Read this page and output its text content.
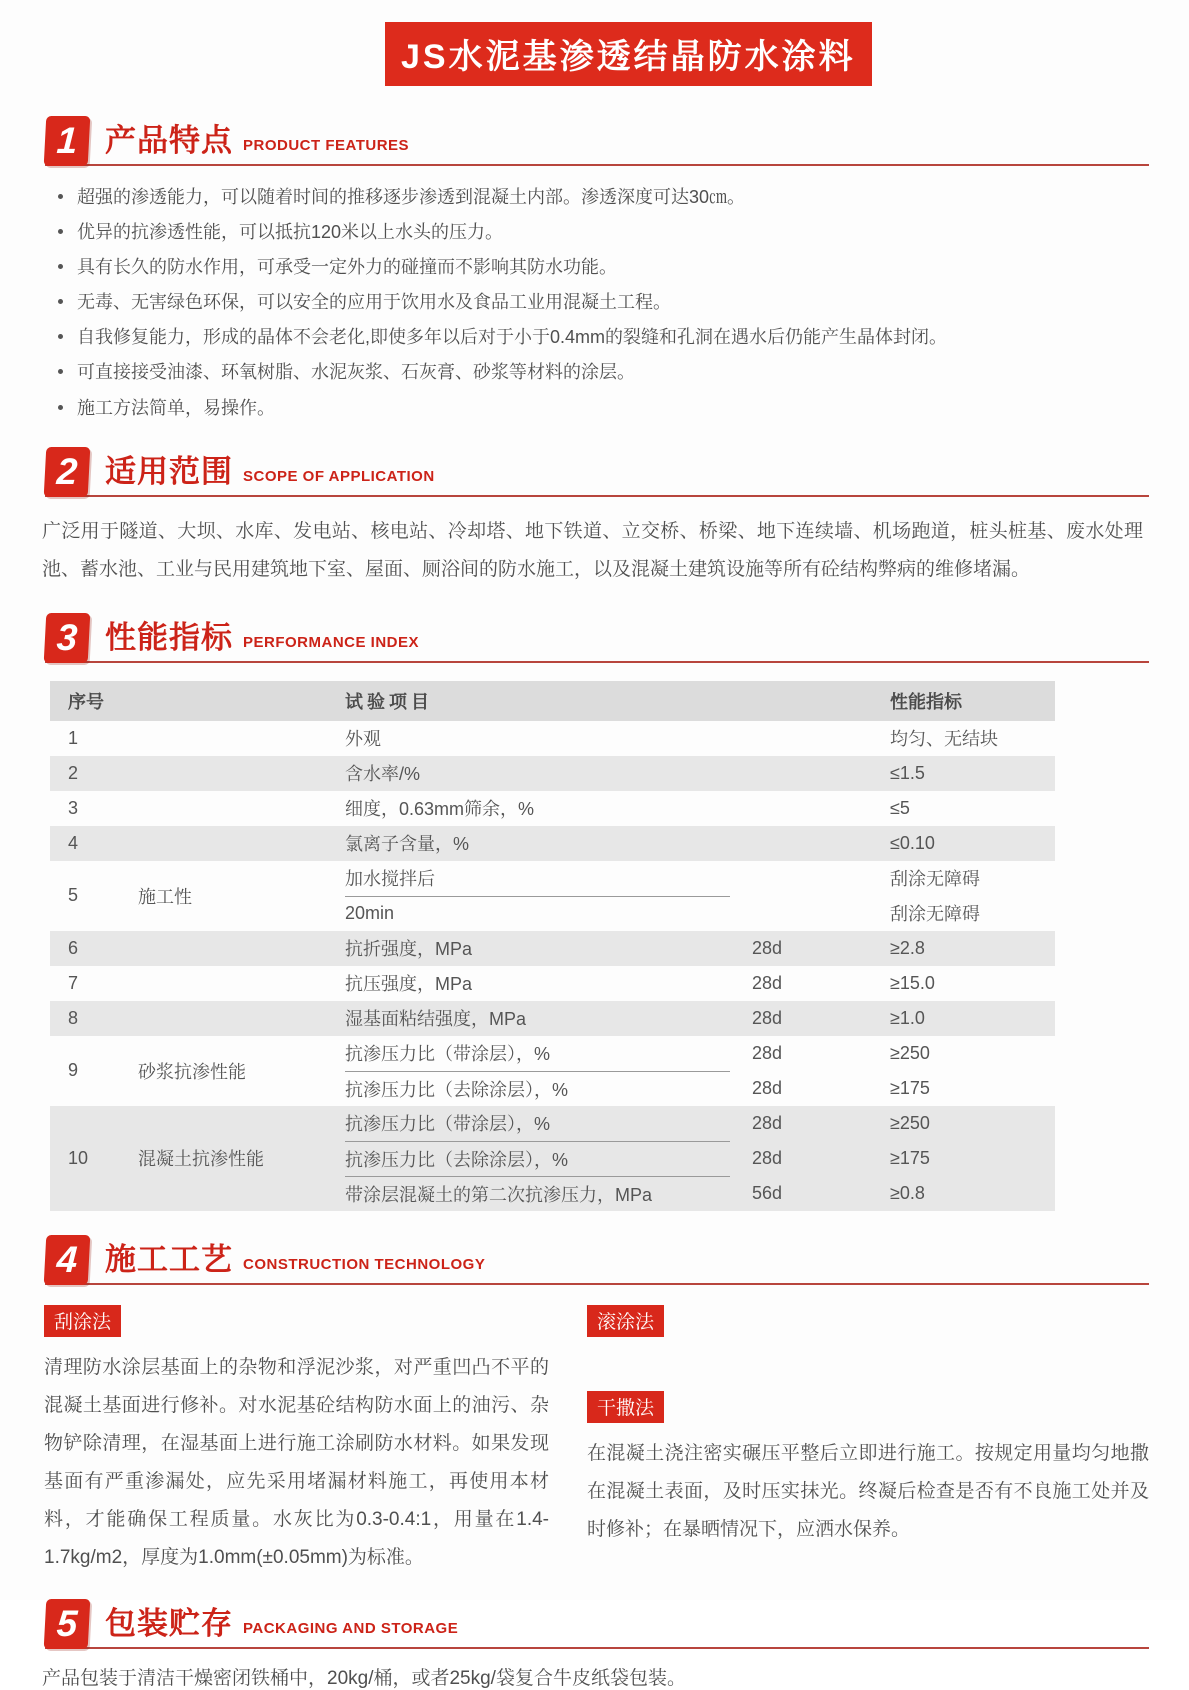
JS水泥基渗透结晶防水涂料
1 产品特点 PRODUCT FEATURES
超强的渗透能力，可以随着时间的推移逐步渗透到混凝土内部。渗透深度可达30㎝。
优异的抗渗透性能，可以抵抗120米以上水头的压力。
具有长久的防水作用，可承受一定外力的碰撞而不影响其防水功能。
无毒、无害绿色环保，可以安全的应用于饮用水及食品工业用混凝土工程。
自我修复能力，形成的晶体不会老化,即使多年以后对于小于0.4mm的裂缝和孔洞在遇水后仍能产生晶体封闭。
可直接接受油漆、环氧树脂、水泥灰浆、石灰膏、砂浆等材料的涂层。
施工方法简单，易操作。
2 适用范围 SCOPE OF APPLICATION

广泛用于隧道、大坝、水库、发电站、核电站、冷却塔、地下铁道、立交桥、桥梁、地下连续墙、机场跑道，桩头桩基、废水处理池、蓄水池、工业与民用建筑地下室、屋面、厕浴间的防水施工，以及混凝土建筑设施等所有砼结构弊病的维修堵漏。

3 性能指标 PERFORMANCE INDEX
序号	试验项目	性能指标
1	外观	均匀、无结块
2	含水率/%	≤1.5
3	细度，0.63mm筛余，%	≤5
4	氯离子含量，%	≤0.10
5	施工性
加水搅拌后	刮涂无障碍
20min	刮涂无障碍
6	抗折强度，MPa	28d	≥2.8
7	抗压强度，MPa	28d	≥15.0
8	湿基面粘结强度，MPa	28d	≥1.0
9	砂浆抗渗性能
抗渗压力比（带涂层），%	28d	≥250
抗渗压力比（去除涂层），%	28d	≥175
10	混凝土抗渗性能
抗渗压力比（带涂层），%	28d	≥250
抗渗压力比（去除涂层），%	28d	≥175
带涂层混凝土的第二次抗渗压力，MPa	56d	≥0.8
4 施工工艺 CONSTRUCTION TECHNOLOGY
刮涂法
清理防水涂层基面上的杂物和浮泥沙浆，对严重凹凸不平的混凝土基面进行修补。对水泥基砼结构防水面上的油污、杂物铲除清理，在湿基面上进行施工涂刷防水材料。如果发现基面有严重渗漏处，应先采用堵漏材料施工，再使用本材料，才能确保工程质量。水灰比为0.3-0.4:1，用量在1.4-1.7kg/m2，厚度为1.0mm(±0.05mm)为标准。
滚涂法
干撒法
在混凝土浇注密实碾压平整后立即进行施工。按规定用量均匀地撒在混凝土表面，及时压实抹光。终凝后检查是否有不良施工处并及时修补；在暴晒情况下，应洒水保养。
5 包装贮存 PACKAGING AND STORAGE

产品包装于清洁干燥密闭铁桶中，20kg/桶，或者25kg/袋复合牛皮纸袋包装。
